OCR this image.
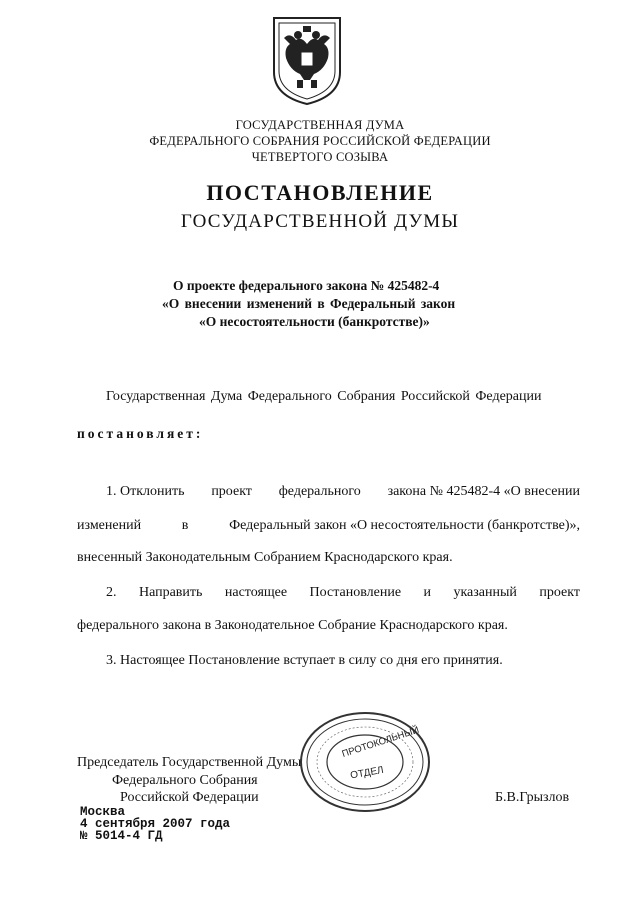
ГОСУДАРСТВЕННАЯ ДУМА
ФЕДЕРАЛЬНОГО СОБРАНИЯ РОССИЙСКОЙ ФЕДЕРАЦИИ
ЧЕТВЕРТОГО СОЗЫВА
ПОСТАНОВЛЕНИЕ
ГОСУДАРСТВЕННОЙ ДУМЫ
О проекте федерального закона № 425482-4
«О внесении изменений в Федеральный закон
«О несостоятельности (банкротстве)»
Государственная Дума Федерального Собрания Российской Федерации
постановляет:
1. Отклонить проект федерального закона № 425482-4 «О внесении
изменений	в	Федеральный закон «О несостоятельности (банкротстве)»,
внесенный Законодательным Собранием Краснодарского края.
2. Направить настоящее Постановление и указанный проект
федерального закона в Законодательное Собрание Краснодарского края.
3. Настоящее Постановление вступает в силу со дня его принятия.
ПРОТОКОЛЬНЫЙ
ОТДЕЛ
Председатель Государственной Думы
Федерального Собрания
Российской Федерации	Б.В.Грызлов
Москва
4 сентября 2007 года
№ 5014-4 ГД
